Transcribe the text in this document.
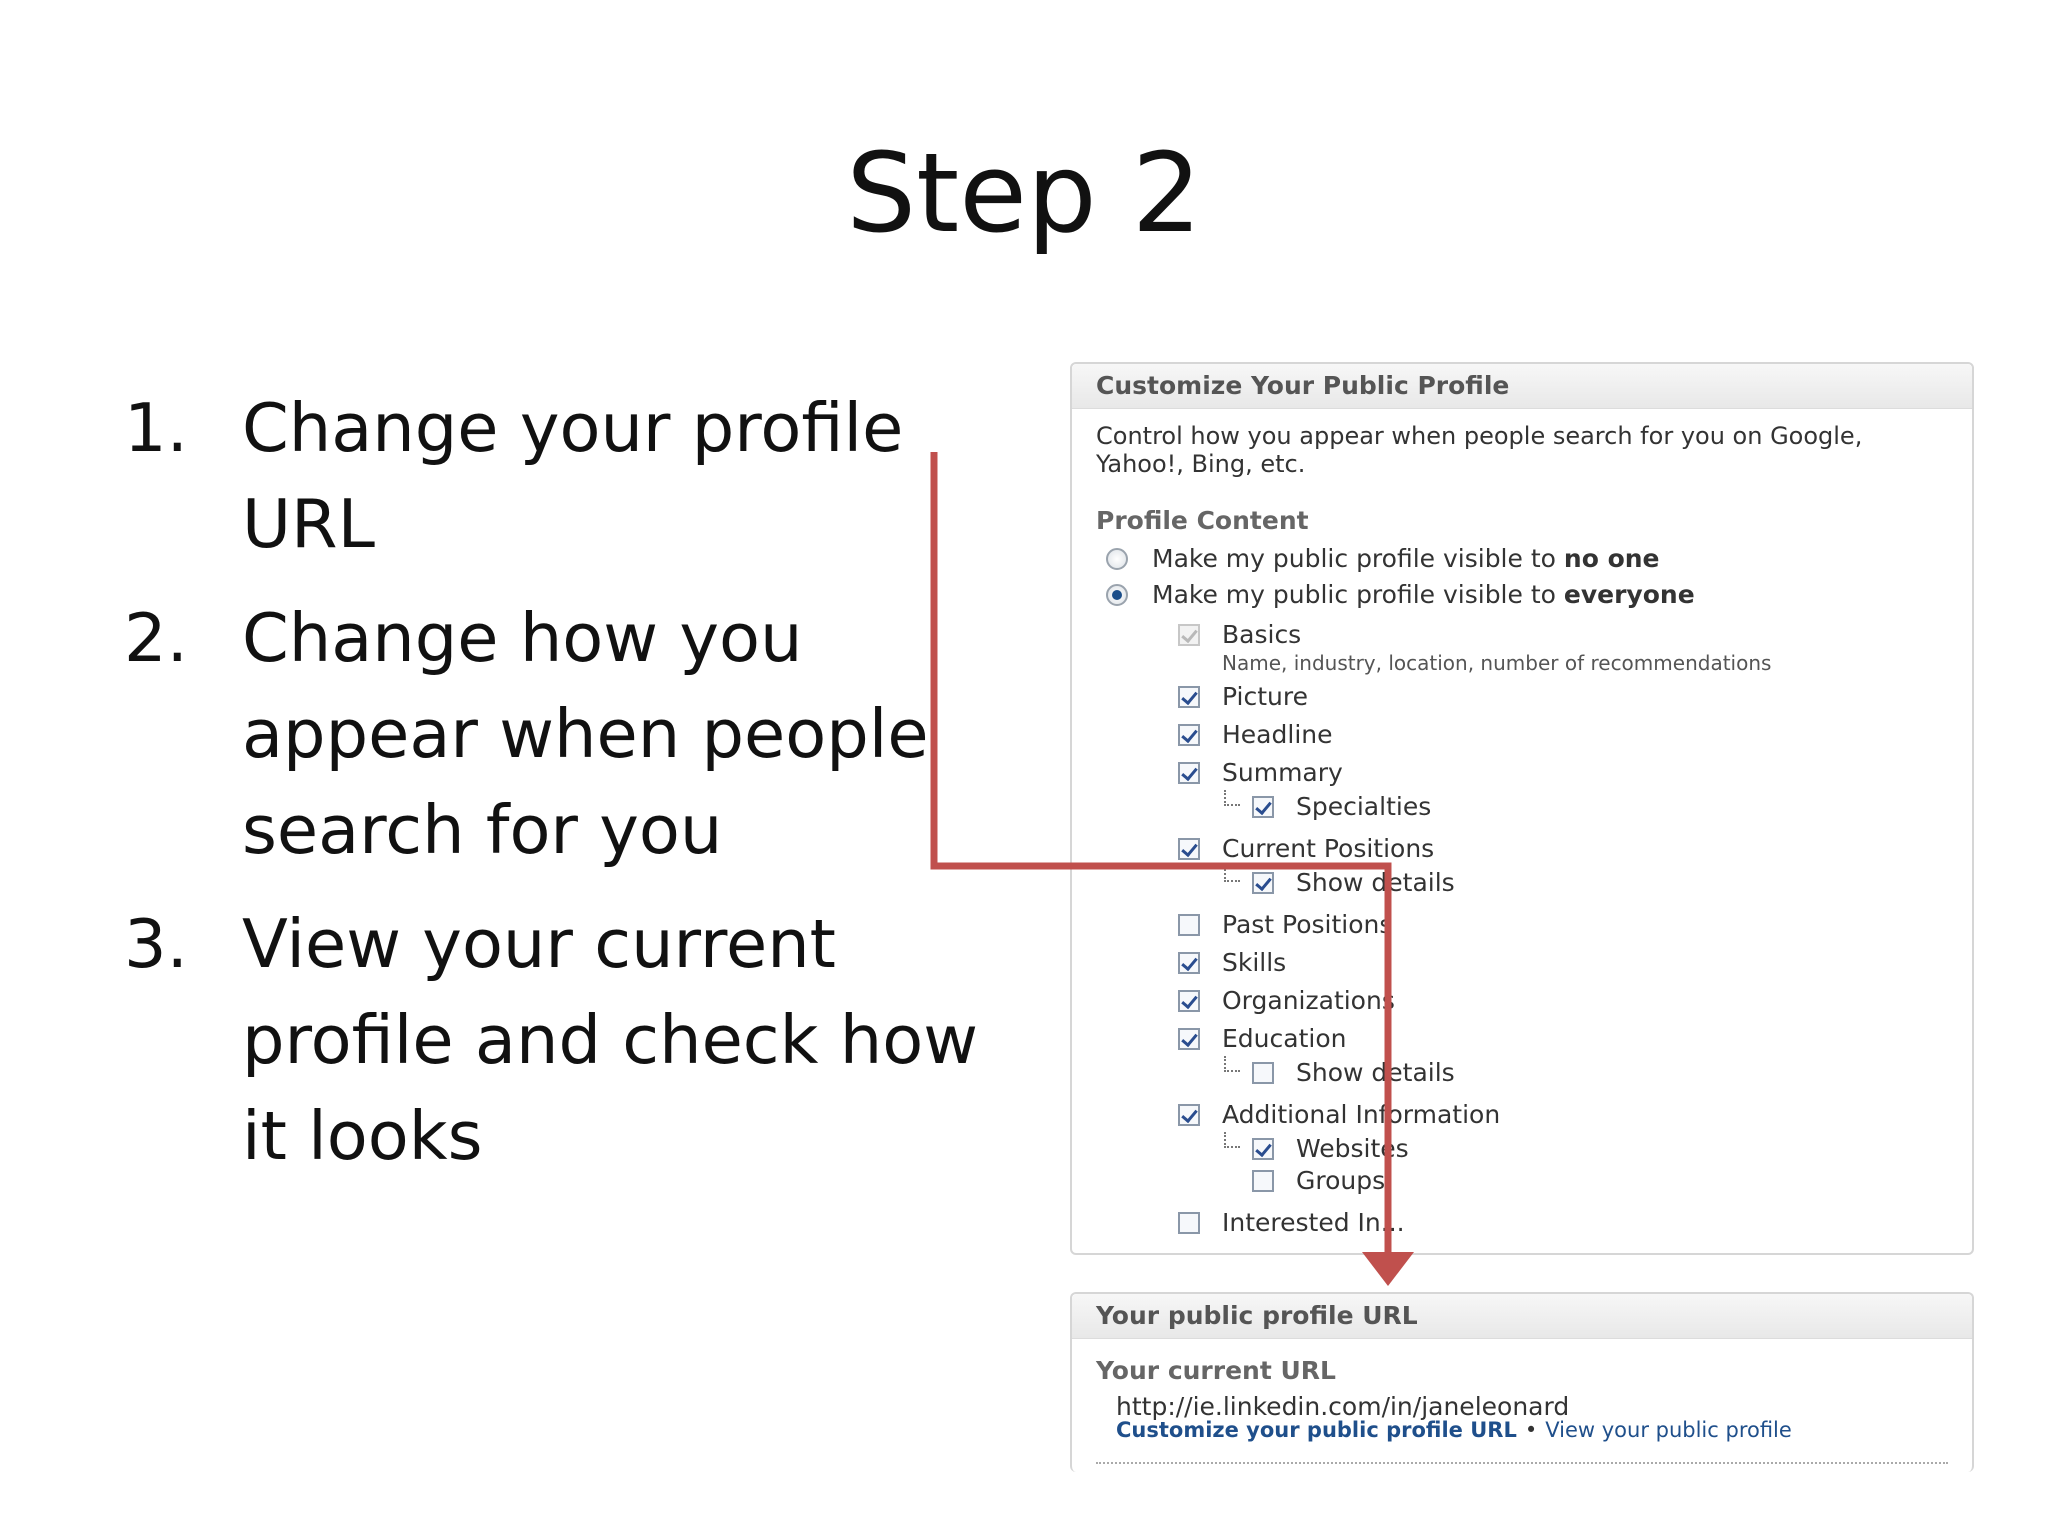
Step 2
1. Change your profile URL
2. Change how you appear when people search for you
3. View your current profile and check how it looks
Customize Your Public Profile
Control how you appear when people search for you on Google, Yahoo!, Bing, etc.
Profile Content
Make my public profile visible to
no one
Make my public profile visible to
everyone
Basics
Name, industry, location, number of recommendations
Picture
Headline
Summary
Specialties
Current Positions
Show details
Past Positions
Skills
Organizations
Education
Show details
Additional Information
Websites
Groups
Interested In...
Your public profile URL
Your current URL
http://ie.linkedin.com/in/janeleonard
Customize your public profile URL • View your public profile
